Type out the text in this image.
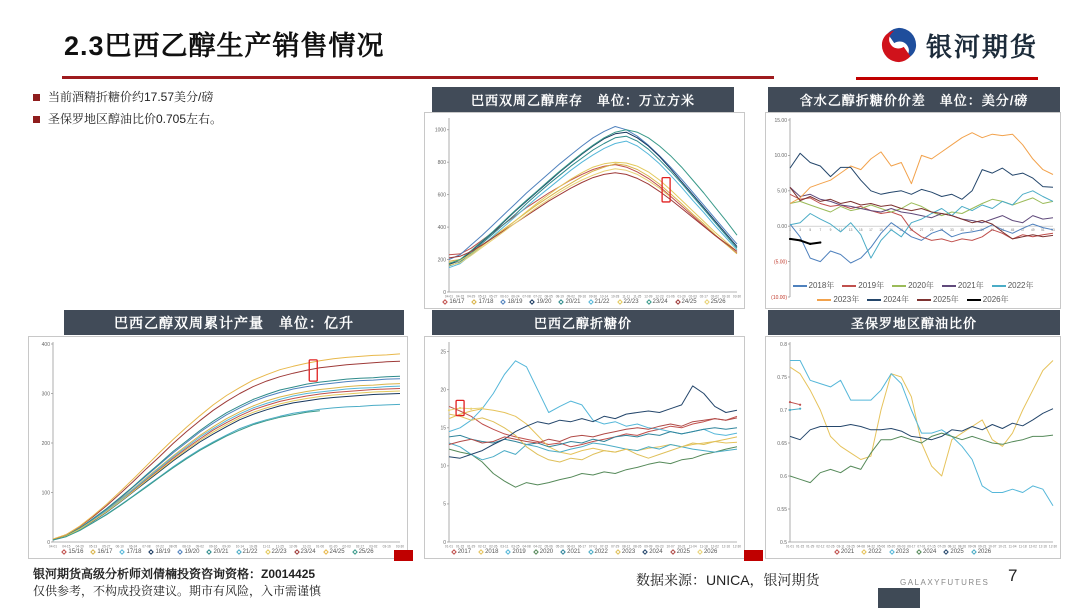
2.3巴西乙醇生产销售情况	银河期货
当前酒精折糖价约17.57美分/磅
圣保罗地区醇油比价0.705左右。
巴西双周乙醇库存　单位：万立方米	含水乙醇折糖价价差　单位：美分/磅
巴西乙醇双周累计产量　单位：亿升	巴西乙醇折糖价	圣保罗地区醇油比价
0
200
400
600
800
1000
04-01 04-15 04-29 05-13 05-27 06-10 06-24 07-08 07-22 08-05 08-19 09-02 09-16 09-30 10-14 10-28 11-11 11-25 12-09 12-23 01-06 01-20 02-03 02-17 03-02 03-16 03-30
16/17 17/18 18/19 19/20 20/21 21/22 22/23 23/24 24/25 25/26
15.00
10.00
5.00
0.00
(5.00)
(10.00)
1	3	5	7	9 11 13 15 17 19 21 23 25 27 29 31 33 35 37 39 41 43 45 47 49 51 53
2018年	2019年	2020年	2021年	2022年
2023年	2024年	2025年	2026年
0
100
200
300
400
04-01 04-15 04-29 05-13 05-27 06-10 06-24 07-08 07-22 08-05 08-19 09-02 09-16 09-30 10-14 10-28 11-11 11-25 12-09 12-23 01-06 01-20 02-03 02-17 03-02 03-16 03-30
15/16 16/17 17/18 18/19 19/20 20/21 21/22 22/23 23/24 24/25 25/26
0
5
10
15
20
25
01-01 01-15 01-29 02-12 02-26 03-11 03-25 04-08 04-22 05-06 05-20 06-03 06-17 07-01 07-15 07-29 08-12 08-26 09-09 09-23 10-07 10-21 11-04 11-18 12-02 12-16 12-30
2017 2018 2019 2020 2021 2022 2023 2024 2025 2026
0.5
0.55
0.6
0.65
0.7
0.75
0.8
01-01 01-15 01-29 02-12 02-26 03-11 03-25 04-08 04-22 05-06 05-20 06-03 06-17 07-01 07-15 07-29 08-12 08-26 09-09 09-23 10-07 10-21 11-04 11-18 12-02 12-16 12-30
2021 2022 2023 2024 2025 2026
银河期货高级分析师刘倩楠投资咨询资格：Z0014425
仅供参考，不构成投资建议。期市有风险，入市需谨慎
数据来源：UNICA，银河期货	GALAXYFUTURES 7
